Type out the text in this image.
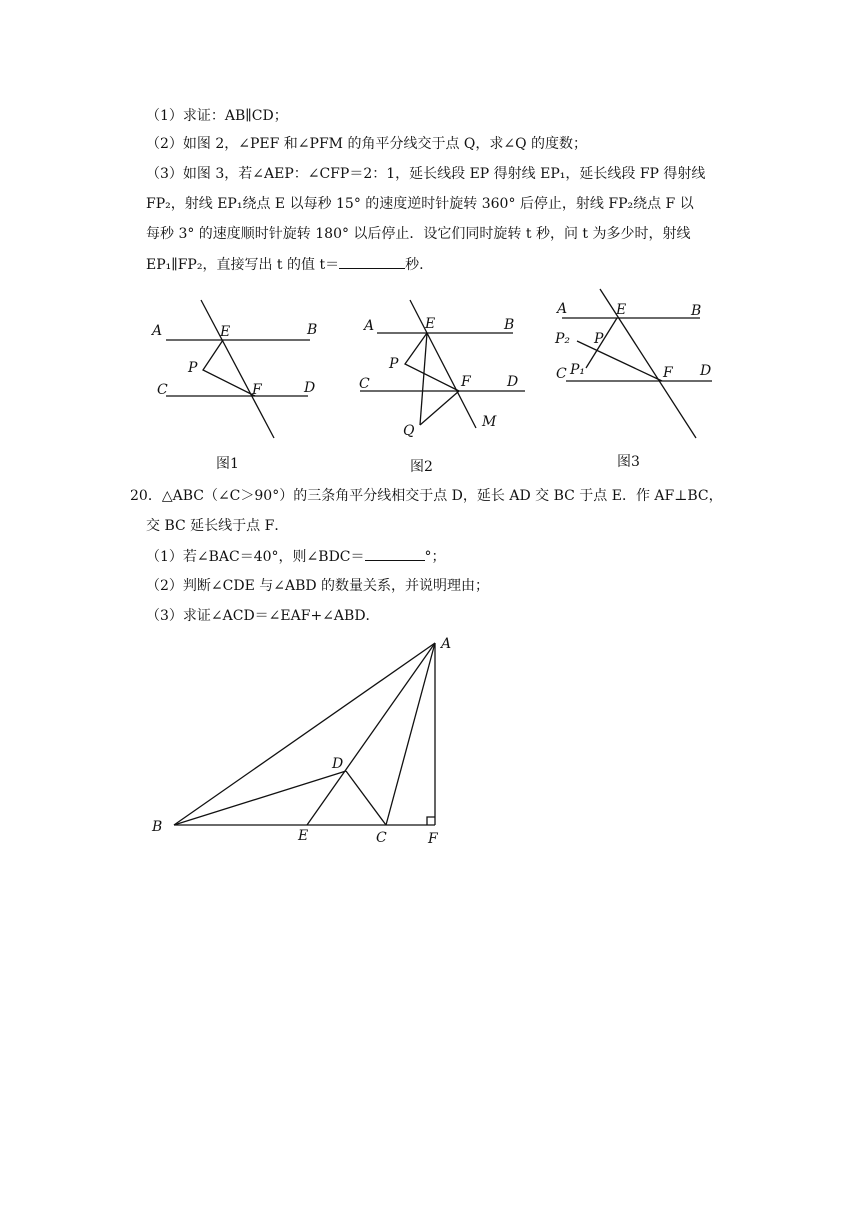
（1）求证：AB∥CD；
（2）如图 2，∠PEF 和∠PFM 的角平分线交于点 Q，求∠Q 的度数；
（3）如图 3，若∠AEP：∠CFP＝2：1，延长线段 EP 得射线 EP₁，延长线段 FP 得射线
FP₂，射线 EP₁绕点 E 以每秒 15° 的速度逆时针旋转 360° 后停止，射线 FP₂绕点 F 以
每秒 3° 的速度顺时针旋转 180° 以后停止．设它们同时旋转 t 秒，问 t 为多少时，射线
EP₁∥FP₂，直接写出 t 的值 t＝	秒.
A	E	B
P
C	F	D
图1
A	E	B
P
C	F	D
Q
M
图2
A	E	B
P₂ P
C P₁	F D
图3
20．△ABC（∠C＞90°）的三条角平分线相交于点 D，延长 AD 交 BC 于点 E．作 AF⊥BC，
交 BC 延长线于点 F．
（1）若∠BAC＝40°，则∠BDC＝	°；
（2）判断∠CDE 与∠ABD 的数量关系，并说明理由；
（3）求证∠ACD＝∠EAF+∠ABD．
A
D
B
E	C	F
